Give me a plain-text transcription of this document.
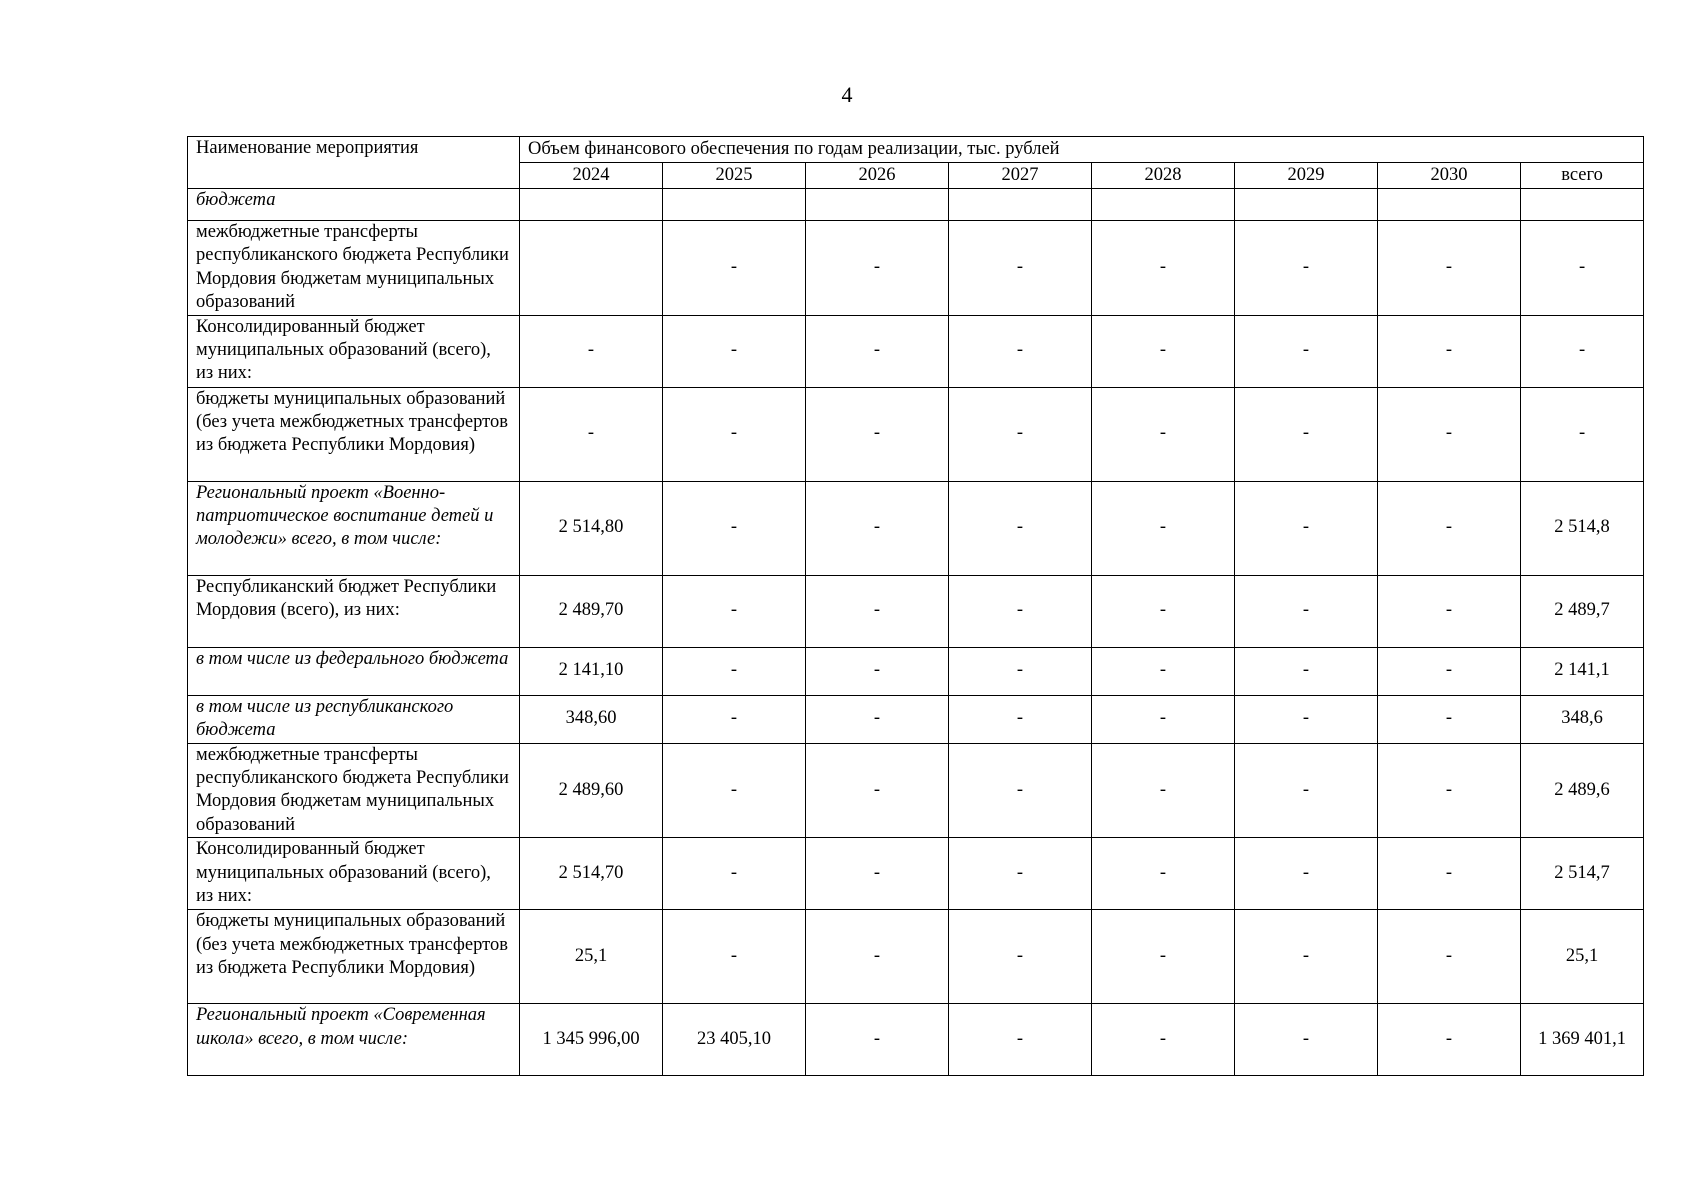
4
Наименование мероприятия	Объем финансового обеспечения по годам реализации, тыс. рублей							
	2024	2025	2026	2027	2028	2029	2030	всего
бюджета								
межбюджетные трансферты республиканского бюджета Республики Мордовия бюджетам муниципальных образований		-	-	-	-	-	-	-
Консолидированный бюджет муниципальных образований (всего), из них:	-	-	-	-	-	-	-	-
бюджеты муниципальных образований (без учета межбюджетных трансфертов из бюджета Республики Мордовия)	-	-	-	-	-	-	-	-
Региональный проект «Военно-патриотическое воспитание детей и молодежи» всего, в том числе:	2 514,80	-	-	-	-	-	-	2 514,8
Республиканский бюджет Республики Мордовия (всего), из них:	2 489,70	-	-	-	-	-	-	2 489,7
в том числе из федерального бюджета	2 141,10	-	-	-	-	-	-	2 141,1
в том числе из республиканского бюджета	348,60	-	-	-	-	-	-	348,6
межбюджетные трансферты республиканского бюджета Республики Мордовия бюджетам муниципальных образований	2 489,60	-	-	-	-	-	-	2 489,6
Консолидированный бюджет муниципальных образований (всего), из них:	2 514,70	-	-	-	-	-	-	2 514,7
бюджеты муниципальных образований (без учета межбюджетных трансфертов из бюджета Республики Мордовия)	25,1	-	-	-	-	-	-	25,1
Региональный проект «Современная школа» всего, в том числе:	1 345 996,00	23 405,10	-	-	-	-	-	1 369 401,1
